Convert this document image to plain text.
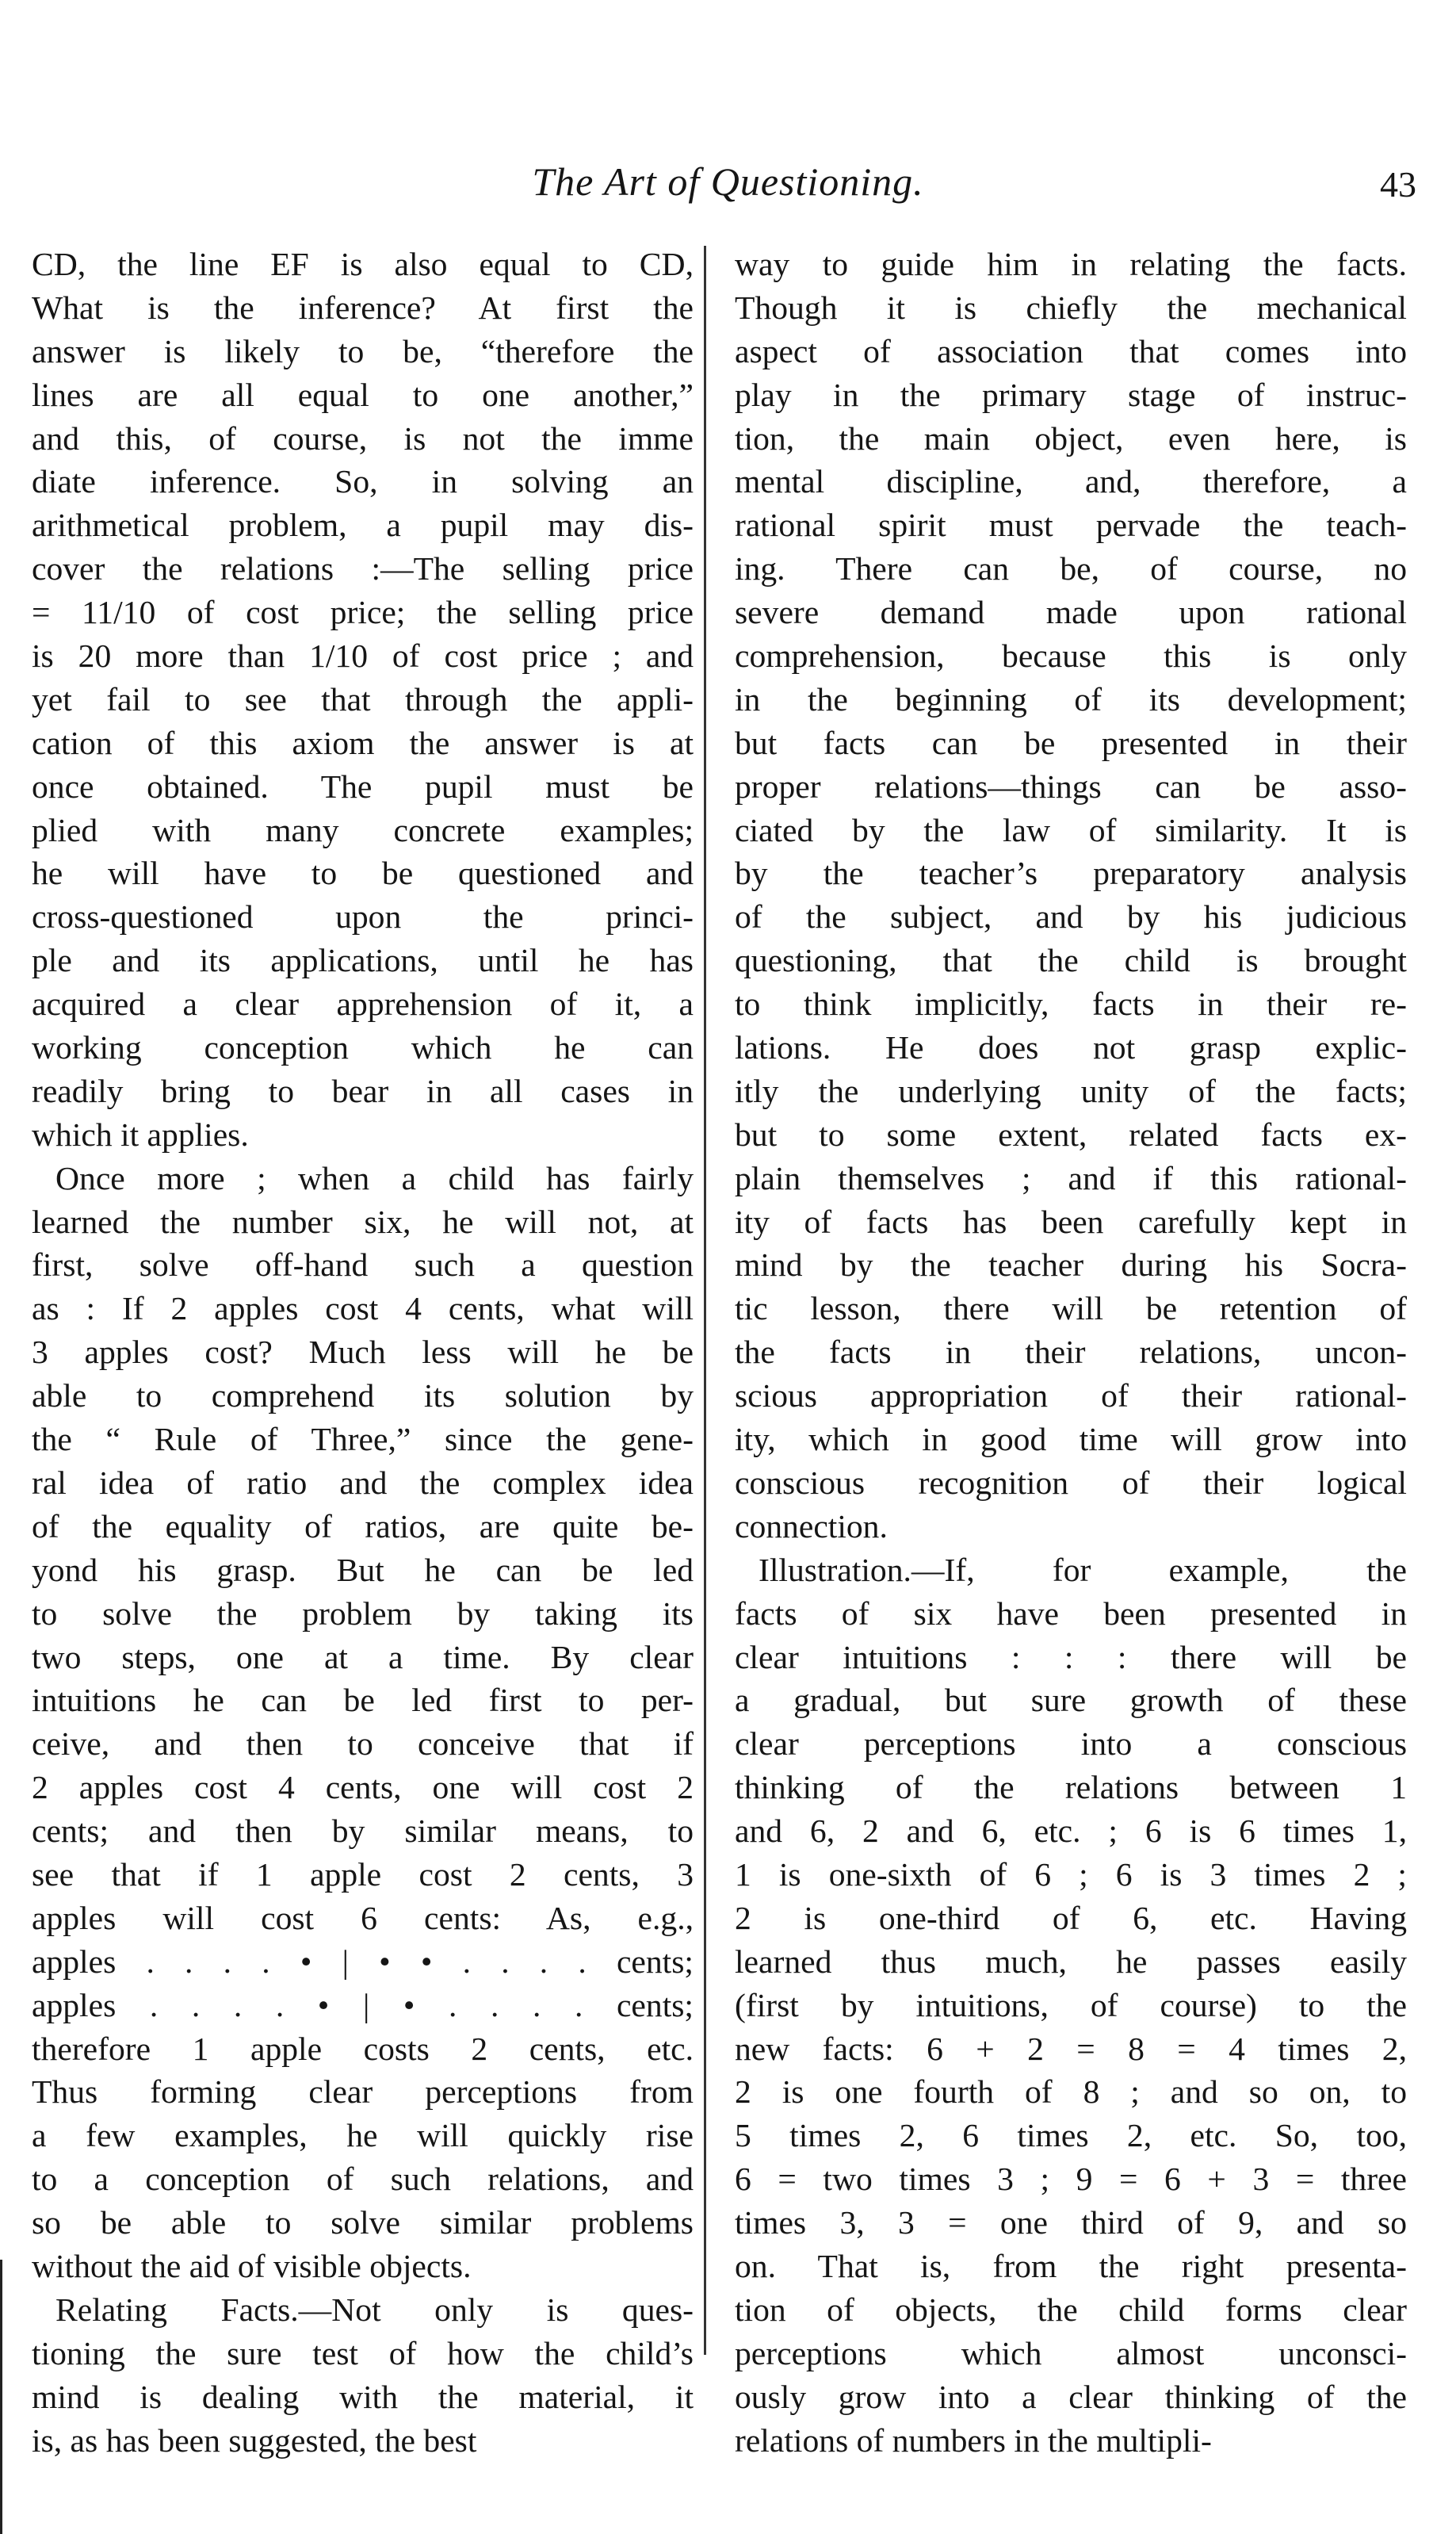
The Art of Questioning.	43
CD, the line EF is also equal to CD,
What is the inference? At first the
answer is likely to be, “therefore the
lines are all equal to one another,”
and this, of course, is not the imme
diate inference. So, in solving an
arithmetical problem, a pupil may dis-
cover the relations :—The selling price
= 11/10 of cost price; the selling price
is 20 more than 1/10 of cost price ; and
yet fail to see that through the appli-
cation of this axiom the answer is at
once obtained. The pupil must be
plied with many concrete examples;
he will have to be questioned and
cross-questioned upon the princi-
ple and its applications, until he has
acquired a clear apprehension of it, a
working conception which he can
readily bring to bear in all cases in
which it applies.
Once more ; when a child has fairly
learned the number six, he will not, at
first, solve off-hand such a question
as : If 2 apples cost 4 cents, what will
3 apples cost? Much less will he be
able to comprehend its solution by
the “ Rule of Three,” since the gene-
ral idea of ratio and the complex idea
of the equality of ratios, are quite be-
yond his grasp. But he can be led
to solve the problem by taking its
two steps, one at a time. By clear
intuitions he can be led first to per-
ceive, and then to conceive that if
2 apples cost 4 cents, one will cost 2
cents; and then by similar means, to
see that if 1 apple cost 2 cents, 3
apples will cost 6 cents: As, e.g.,
apples . . . . • | • • . . . . cents;
apples . . . . • | • . . . . cents;
therefore 1 apple costs 2 cents, etc.
Thus forming clear perceptions from
a few examples, he will quickly rise
to a conception of such relations, and
so be able to solve similar problems
without the aid of visible objects.
Relating Facts.—Not only is ques-
tioning the sure test of how the child’s
mind is dealing with the material, it
is, as has been suggested, the best
way to guide him in relating the facts.
Though it is chiefly the mechanical
aspect of association that comes into
play in the primary stage of instruc-
tion, the main object, even here, is
mental discipline, and, therefore, a
rational spirit must pervade the teach-
ing. There can be, of course, no
severe demand made upon rational
comprehension, because this is only
in the beginning of its development;
but facts can be presented in their
proper relations—things can be asso-
ciated by the law of similarity. It is
by the teacher’s preparatory analysis
of the subject, and by his judicious
questioning, that the child is brought
to think implicitly, facts in their re-
lations. He does not grasp explic-
itly the underlying unity of the facts;
but to some extent, related facts ex-
plain themselves ; and if this rational-
ity of facts has been carefully kept in
mind by the teacher during his Socra-
tic lesson, there will be retention of
the facts in their relations, uncon-
scious appropriation of their rational-
ity, which in good time will grow into
conscious recognition of their logical
connection.
Illustration.—If, for example, the
facts of six have been presented in
clear intuitions : : : there will be
a gradual, but sure growth of these
clear perceptions into a conscious
thinking of the relations between 1
and 6, 2 and 6, etc. ; 6 is 6 times 1,
1 is one-sixth of 6 ; 6 is 3 times 2 ;
2 is one-third of 6, etc. Having
learned thus much, he passes easily
(first by intuitions, of course) to the
new facts: 6 + 2 = 8 = 4 times 2,
2 is one fourth of 8 ; and so on, to
5 times 2, 6 times 2, etc. So, too,
6 = two times 3 ; 9 = 6 + 3 = three
times 3, 3 = one third of 9, and so
on. That is, from the right presenta-
tion of objects, the child forms clear
perceptions which almost unconsci-
ously grow into a clear thinking of the
relations of numbers in the multipli-
